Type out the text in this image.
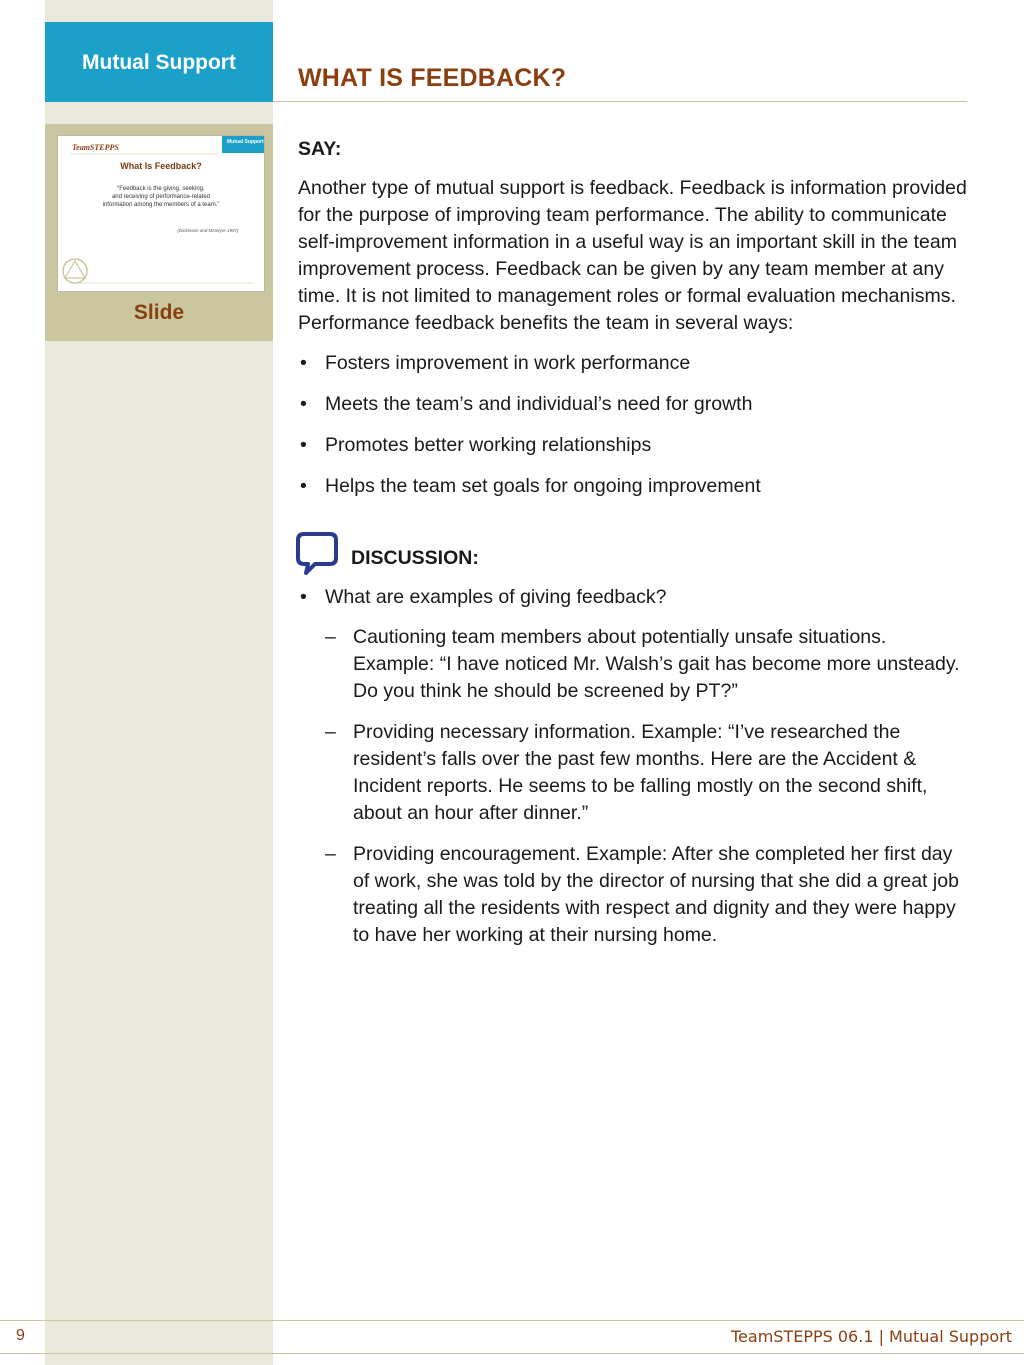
Mutual Support
Mutual Support
TeamSTEPPS
What Is Feedback?
“Feedback is the giving, seeking,
and receiving of performance-related
information among the members of a team.”
(Dickinson and McIntyre 1997)
Slide
WHAT IS FEEDBACK?

SAY:

Another type of mutual support is feedback. Feedback is information provided for the purpose of improving team performance. The ability to communicate self-improvement information in a useful way is an important skill in the team improvement process. Feedback can be given by any team member at any time. It is not limited to management roles or formal evaluation mechanisms. Performance feedback benefits the team in several ways:

• Fosters improvement in work performance
• Meets the team’s and individual’s need for growth
• Promotes better working relationships
• Helps the team set goals for ongoing improvement
DISCUSSION:
• What are examples of giving feedback?
– Cautioning team members about potentially unsafe situations. Example: “I have noticed Mr. Walsh’s gait has become more unsteady. Do you think he should be screened by PT?”
– Providing necessary information. Example: “I’ve researched the resident’s falls over the past few months. Here are the Accident & Incident reports. He seems to be falling mostly on the second shift, about an hour after dinner.”
– Providing encouragement. Example: After she completed her first day of work, she was told by the director of nursing that she did a great job treating all the residents with respect and dignity and they were happy to have her working at their nursing home.
9	TeamSTEPPS 06.1 | Mutual Support
